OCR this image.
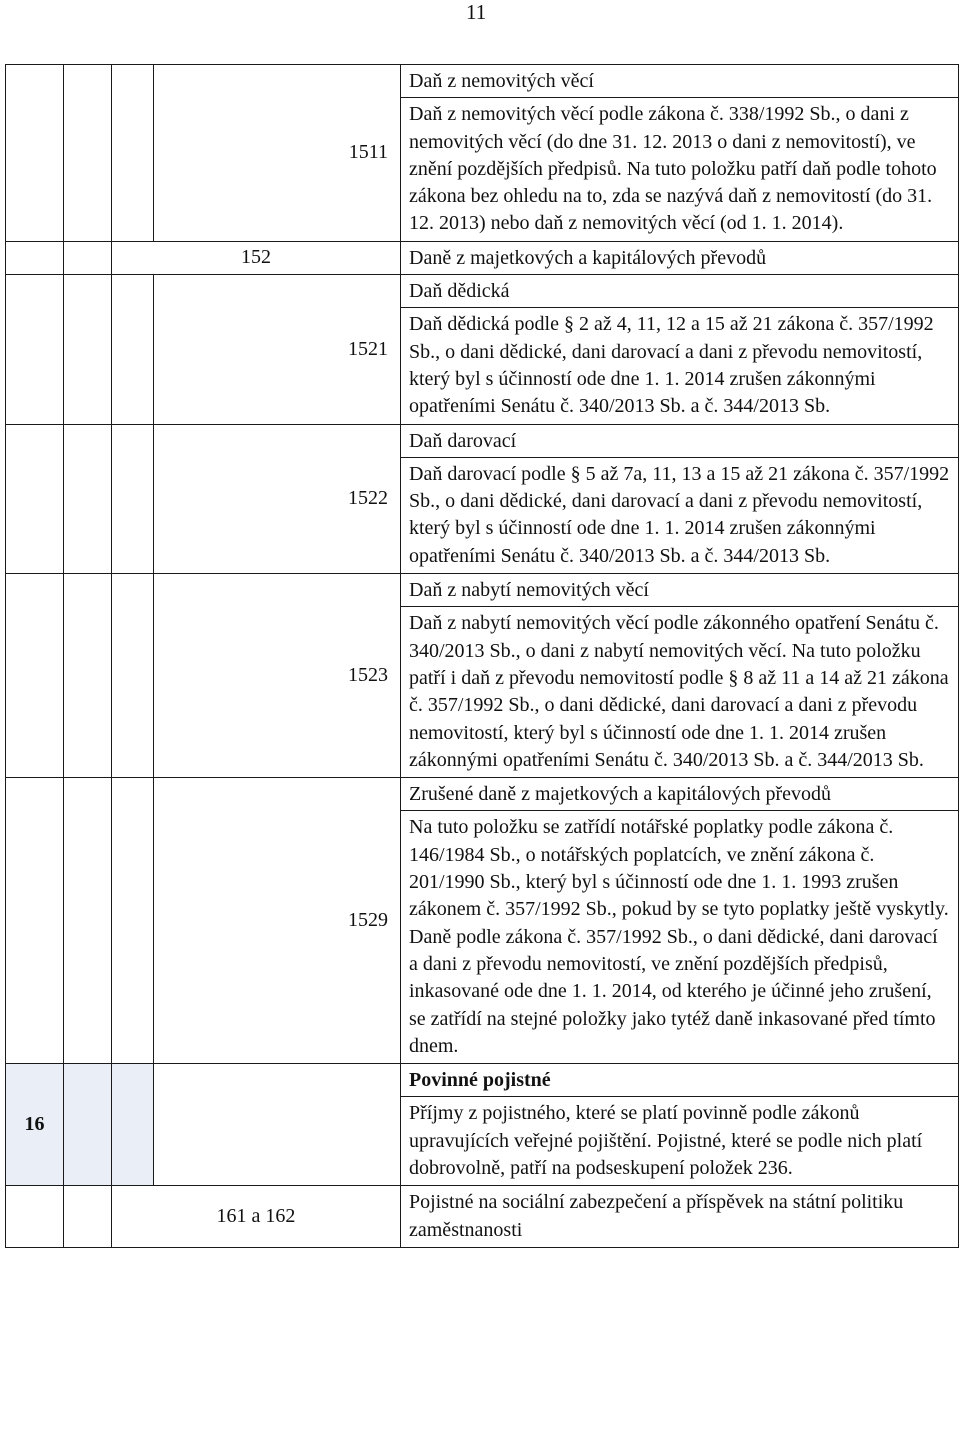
11
			1511	Daň z nemovitých věcí
				Daň z nemovitých věcí podle zákona č. 338/1992 Sb., o dani z nemovitých věcí (do dne 31. 12. 2013 o dani z nemovitostí), ve znění pozdějších předpisů. Na tuto položku patří daň podle tohoto zákona bez ohledu na to, zda se nazývá daň z nemovitostí (do 31. 12. 2013) nebo daň z nemovitých věcí (od 1. 1. 2014).
		152		Daně z majetkových a kapitálových převodů
			1521	Daň dědická
				Daň dědická podle § 2 až 4, 11, 12 a 15 až 21 zákona č. 357/1992 Sb., o dani dědické, dani darovací a dani z převodu nemovitostí, který byl s účinností ode dne 1. 1. 2014 zrušen zákonnými opatřeními Senátu č. 340/2013 Sb. a č. 344/2013 Sb.
			1522	Daň darovací
				Daň darovací podle § 5 až 7a, 11, 13 a 15 až 21 zákona č. 357/1992 Sb., o dani dědické, dani darovací a dani z převodu nemovitostí, který byl s účinností ode dne 1. 1. 2014 zrušen zákonnými opatřeními Senátu č. 340/2013 Sb. a č. 344/2013 Sb.
			1523	Daň z nabytí nemovitých věcí
				Daň z nabytí nemovitých věcí podle zákonného opatření Senátu č. 340/2013 Sb., o dani z nabytí nemovitých věcí. Na tuto položku patří i daň z převodu nemovitostí podle § 8 až 11 a 14 až 21 zákona č. 357/1992 Sb., o dani dědické, dani darovací a dani z převodu nemovitostí, který byl s účinností ode dne 1. 1. 2014 zrušen zákonnými opatřeními Senátu č. 340/2013 Sb. a č. 344/2013 Sb.
			1529	Zrušené daně z majetkových a kapitálových převodů
				Na tuto položku se zatřídí notářské poplatky podle zákona č. 146/1984 Sb., o notářských poplatcích, ve znění zákona č. 201/1990 Sb., který byl s účinností ode dne 1. 1. 1993 zrušen zákonem č. 357/1992 Sb., pokud by se tyto poplatky ještě vyskytly. Daně podle zákona č. 357/1992 Sb., o dani dědické, dani darovací a dani z převodu nemovitostí, ve znění pozdějších předpisů, inkasované ode dne 1. 1. 2014, od kterého je účinné jeho zrušení, se zatřídí na stejné položky jako tytéž daně inkasované před tímto dnem.
16				Povinné pojistné
				Příjmy z pojistného, které se platí povinně podle zákonů upravujících veřejné pojištění. Pojistné, které se podle nich platí dobrovolně, patří na podseskupení položek 236.
		161 a 162		Pojistné na sociální zabezpečení a příspěvek na státní politiku zaměstnanosti
